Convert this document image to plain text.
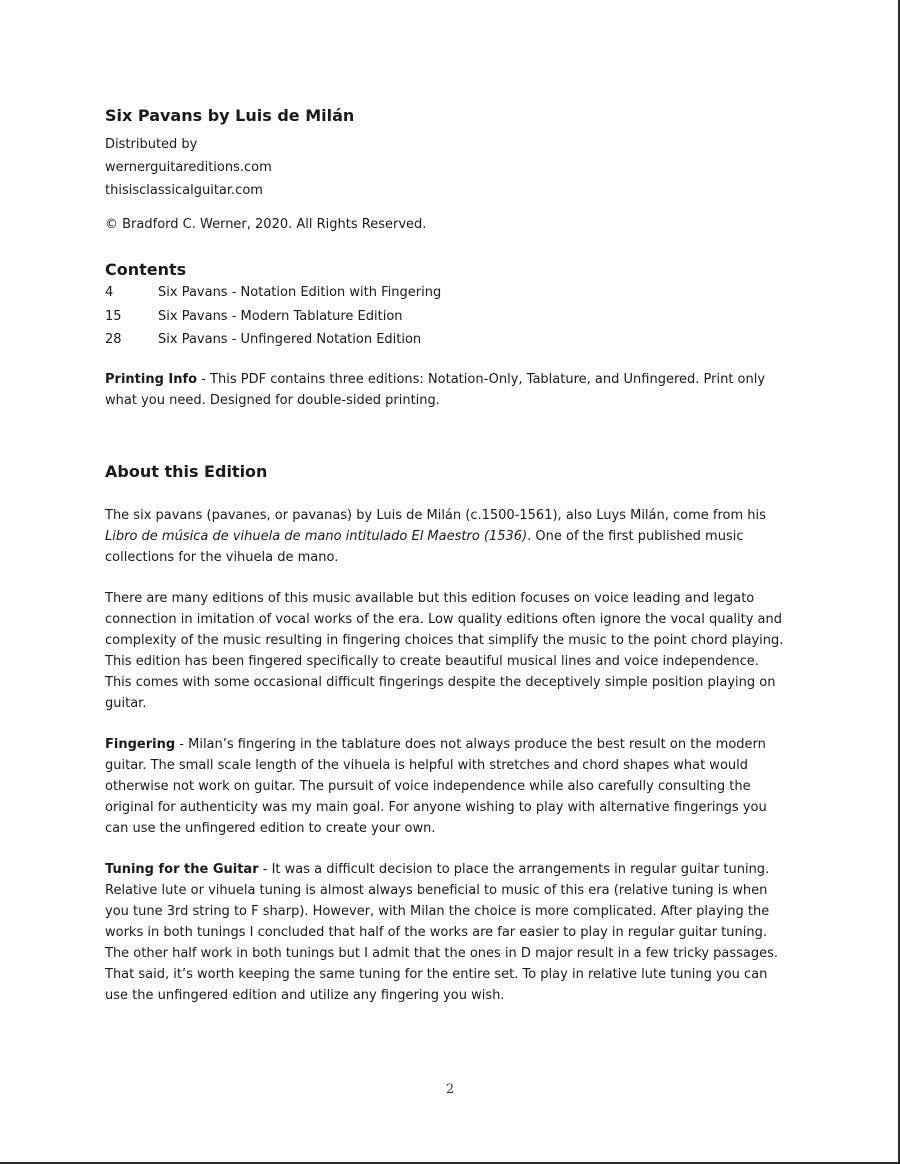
Six Pavans by Luis de Milán

Distributed by

wernerguitareditions.com

thisisclassicalguitar.com

© Bradford C. Werner, 2020. All Rights Reserved.

Contents
4	Six Pavans - Notation Edition with Fingering
15	Six Pavans - Modern Tablature Edition
28	Six Pavans - Unfingered Notation Edition

Printing Info - This PDF contains three editions: Notation-Only, Tablature, and Unfingered. Print only what you need. Designed for double-sided printing.

About this Edition

The six pavans (pavanes, or pavanas) by Luis de Milán (c.1500-1561), also Luys Milán, come from his Libro de música de vihuela de mano intitulado El Maestro (1536). One of the first published music collections for the vihuela de mano.

There are many editions of this music available but this edition focuses on voice leading and legato connection in imitation of vocal works of the era. Low quality editions often ignore the vocal quality and complexity of the music resulting in fingering choices that simplify the music to the point chord playing. This edition has been fingered specifically to create beautiful musical lines and voice independence. This comes with some occasional difficult fingerings despite the deceptively simple position playing on guitar.

Fingering - Milan’s fingering in the tablature does not always produce the best result on the modern guitar. The small scale length of the vihuela is helpful with stretches and chord shapes what would otherwise not work on guitar. The pursuit of voice independence while also carefully consulting the original for authenticity was my main goal. For anyone wishing to play with alternative fingerings you can use the unfingered edition to create your own.

Tuning for the Guitar - It was a difficult decision to place the arrangements in regular guitar tuning. Relative lute or vihuela tuning is almost always beneficial to music of this era (relative tuning is when you tune 3rd string to F sharp). However, with Milan the choice is more complicated. After playing the works in both tunings I concluded that half of the works are far easier to play in regular guitar tuning. The other half work in both tunings but I admit that the ones in D major result in a few tricky passages. That said, it’s worth keeping the same tuning for the entire set. To play in relative lute tuning you can use the unfingered edition and utilize any fingering you wish.

2
